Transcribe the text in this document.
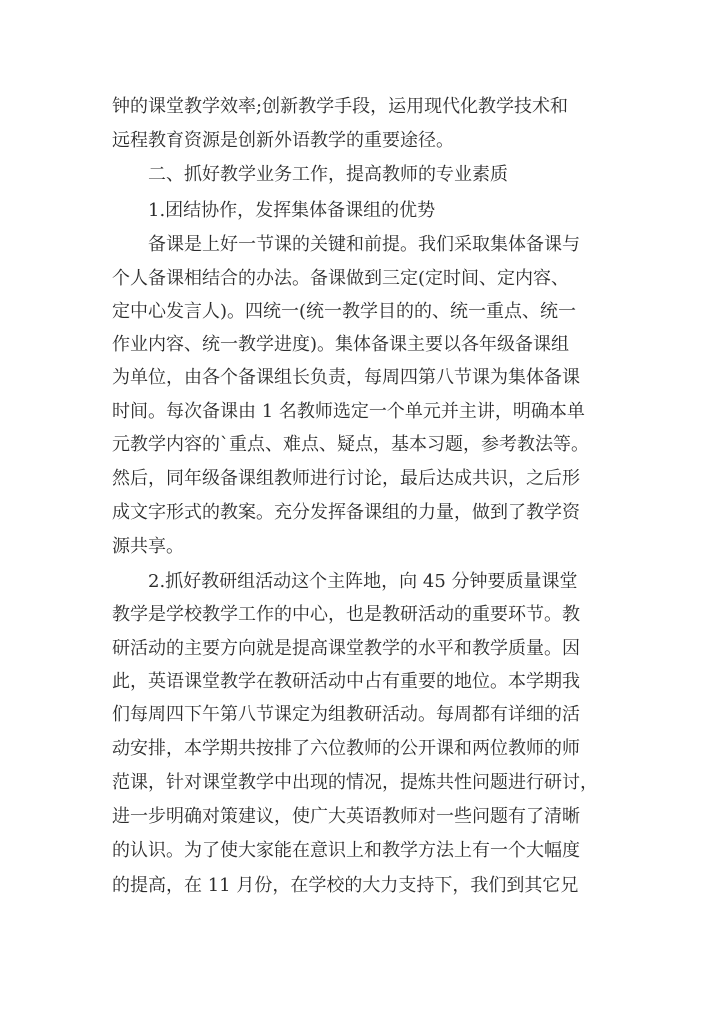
钟的课堂教学效率;创新教学手段，运用现代化教学技术和
远程教育资源是创新外语教学的重要途径。
二、抓好教学业务工作，提高教师的专业素质
1.团结协作，发挥集体备课组的优势
备课是上好一节课的关键和前提。我们采取集体备课与
个人备课相结合的办法。备课做到三定(定时间、定内容、
定中心发言人)。四统一(统一教学目的的、统一重点、统一
作业内容、统一教学进度)。集体备课主要以各年级备课组
为单位，由各个备课组长负责，每周四第八节课为集体备课
时间。每次备课由 1 名教师选定一个单元并主讲，明确本单
元教学内容的`重点、难点、疑点，基本习题，参考教法等。
然后，同年级备课组教师进行讨论，最后达成共识，之后形
成文字形式的教案。充分发挥备课组的力量，做到了教学资
源共享。
2.抓好教研组活动这个主阵地，向 45 分钟要质量课堂
教学是学校教学工作的中心，也是教研活动的重要环节。教
研活动的主要方向就是提高课堂教学的水平和教学质量。因
此，英语课堂教学在教研活动中占有重要的地位。本学期我
们每周四下午第八节课定为组教研活动。每周都有详细的活
动安排，本学期共按排了六位教师的公开课和两位教师的师
范课，针对课堂教学中出现的情况，提炼共性问题进行研讨，
进一步明确对策建议，使广大英语教师对一些问题有了清晰
的认识。为了使大家能在意识上和教学方法上有一个大幅度
的提高，在 11 月份，在学校的大力支持下，我们到其它兄
